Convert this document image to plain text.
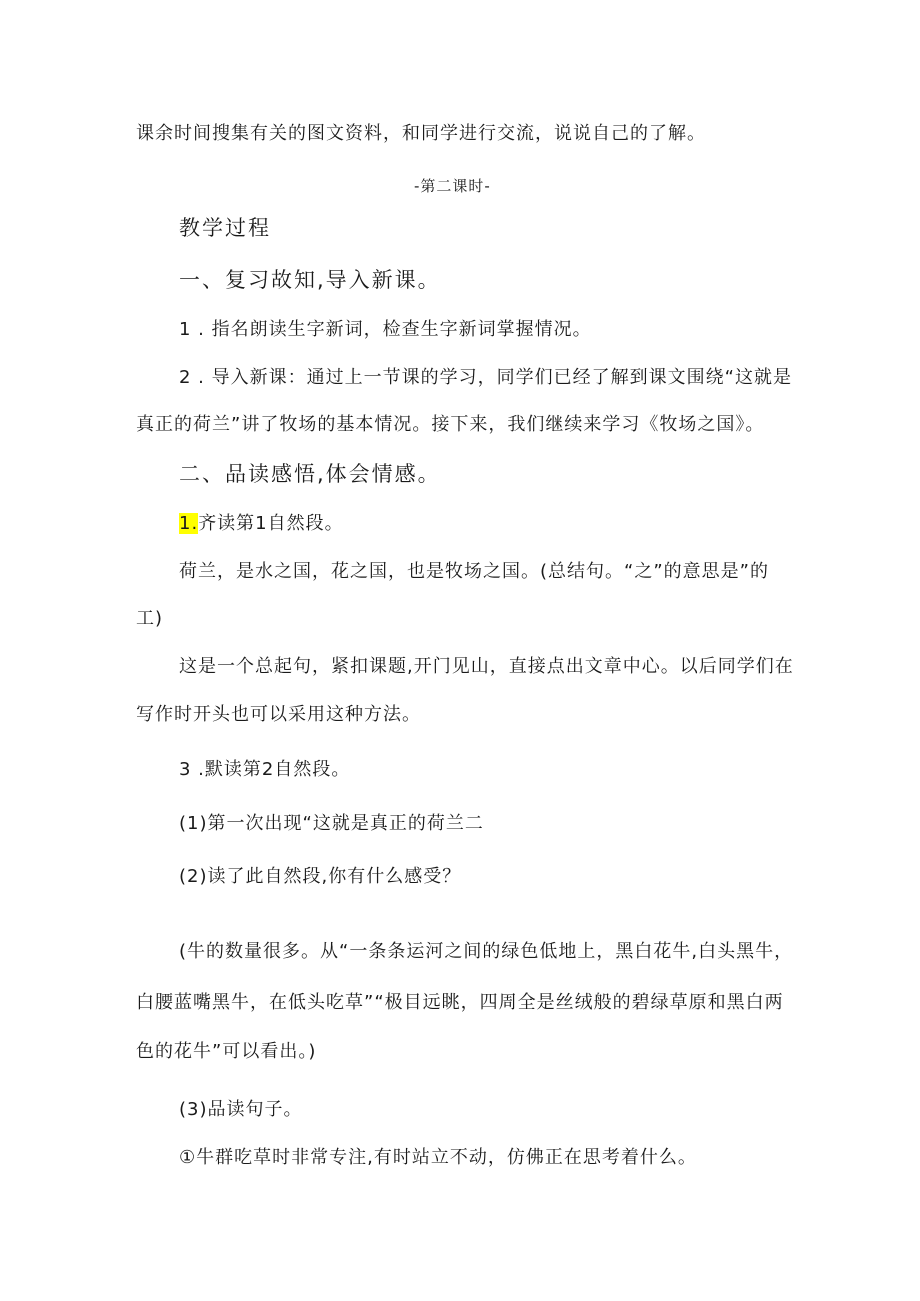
课余时间搜集有关的图文资料，和同学进行交流，说说自己的了解。
-第二课时-
教学过程
一、复习故知,导入新课。
1 . 指名朗读生字新词，检查生字新词掌握情况。
2 . 导入新课：通过上一节课的学习，同学们已经了解到课文围绕“这就是
真正的荷兰”讲了牧场的基本情况。接下来，我们继续来学习《牧场之国》。
二、品读感悟,体会情感。
1.齐读第1自然段。
荷兰，是水之国，花之国，也是牧场之国。(总结句。“之”的意思是”的
工)
这是一个总起句，紧扣课题,开门见山，直接点出文章中心。以后同学们在
写作时开头也可以采用这种方法。
3 .默读第2自然段。
(1)第一次出现“这就是真正的荷兰二
(2)读了此自然段,你有什么感受？
(牛的数量很多。从“一条条运河之间的绿色低地上，黑白花牛,白头黑牛，
白腰蓝嘴黑牛，在低头吃草”“极目远眺，四周全是丝绒般的碧绿草原和黑白两
色的花牛”可以看出。)
(3)品读句子。
①牛群吃草时非常专注,有时站立不动，仿佛正在思考着什么。
